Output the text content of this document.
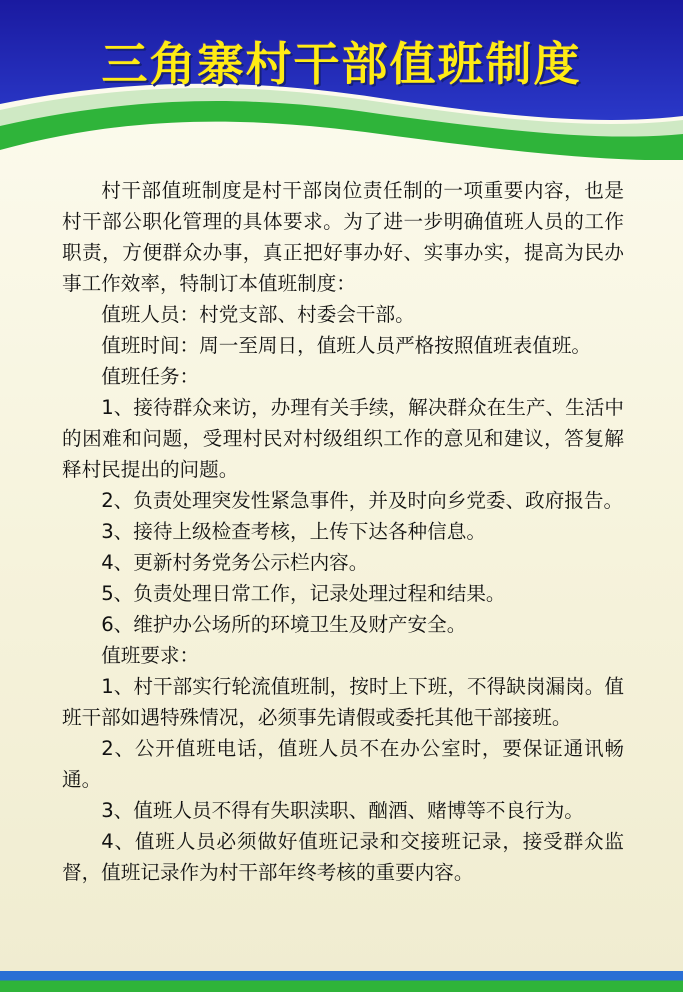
三角寨村干部值班制度

村干部值班制度是村干部岗位责任制的一项重要内容，也是村干部公职化管理的具体要求。为了进一步明确值班人员的工作职责，方便群众办事，真正把好事办好、实事办实，提高为民办事工作效率，特制订本值班制度：

值班人员：村党支部、村委会干部。

值班时间：周一至周日，值班人员严格按照值班表值班。

值班任务：

1、接待群众来访，办理有关手续，解决群众在生产、生活中的困难和问题，受理村民对村级组织工作的意见和建议，答复解释村民提出的问题。

2、负责处理突发性紧急事件，并及时向乡党委、政府报告。

3、接待上级检查考核，上传下达各种信息。

4、更新村务党务公示栏内容。

5、负责处理日常工作，记录处理过程和结果。

6、维护办公场所的环境卫生及财产安全。

值班要求：

1、村干部实行轮流值班制，按时上下班，不得缺岗漏岗。值班干部如遇特殊情况，必须事先请假或委托其他干部接班。

2、公开值班电话，值班人员不在办公室时，要保证通讯畅通。

3、值班人员不得有失职渎职、酗酒、赌博等不良行为。

4、值班人员必须做好值班记录和交接班记录，接受群众监督，值班记录作为村干部年终考核的重要内容。
